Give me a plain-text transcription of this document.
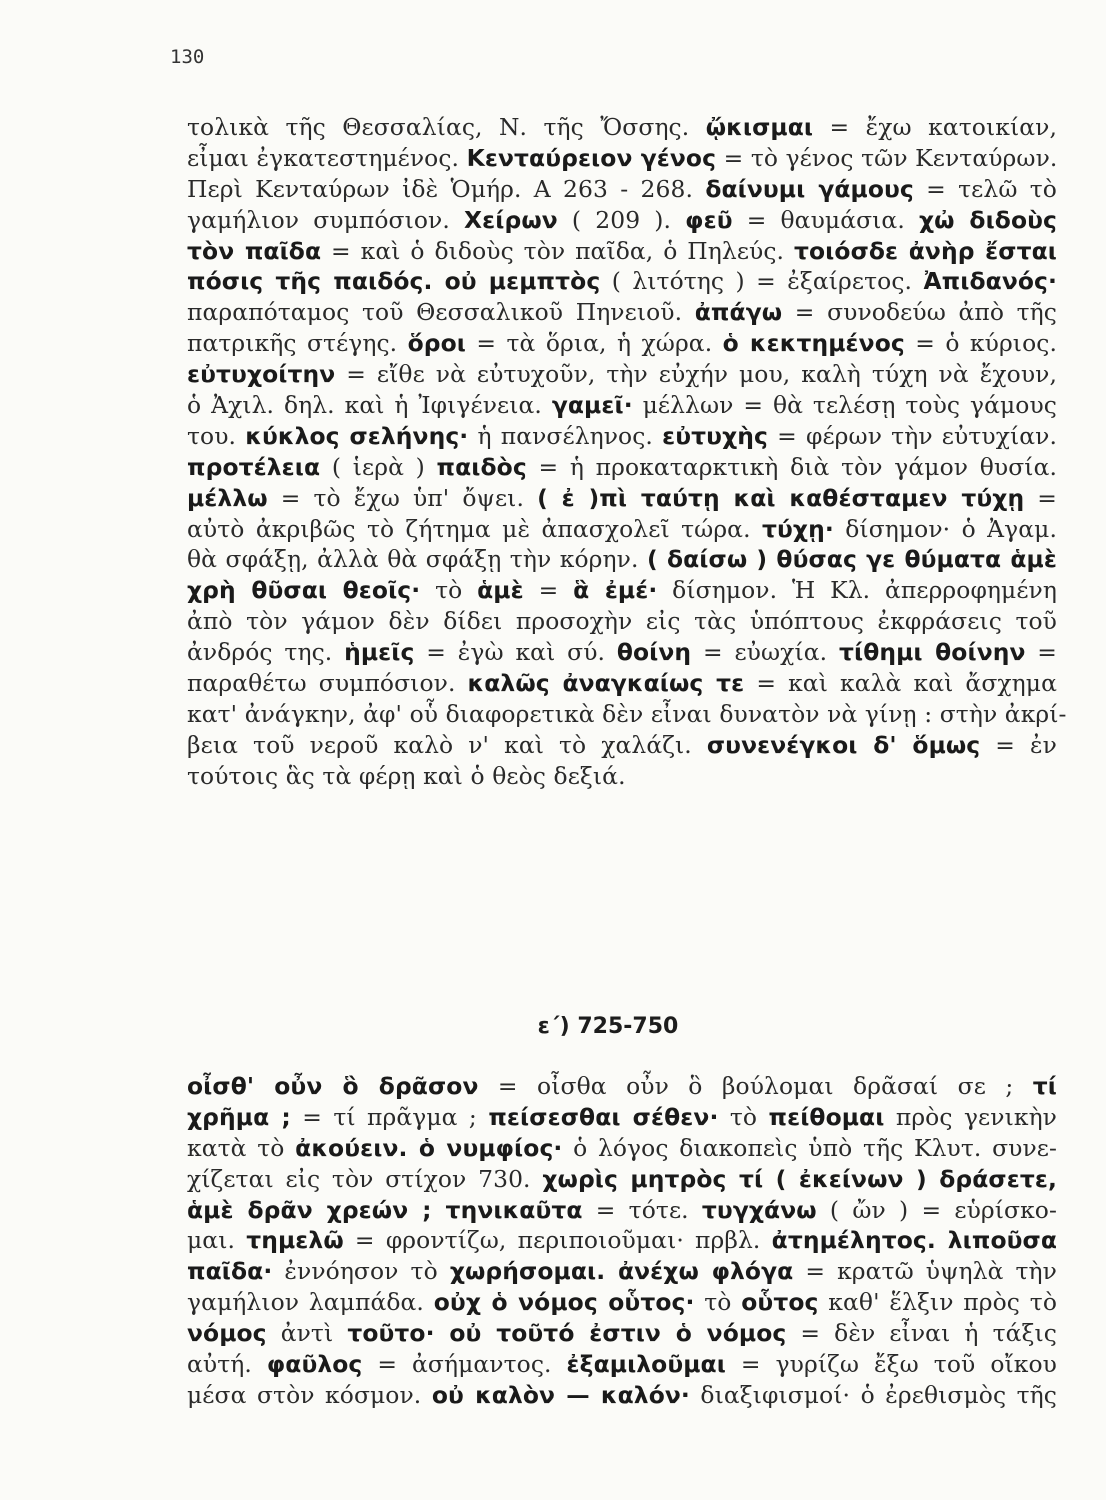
130
τολικὰ τῆς Θεσσαλίας, Ν. τῆς Ὄσσης. ᾤκισμαι = ἔχω κατοικίαν,
εἶμαι ἐγκατεστημένος. Κενταύρειον γένος = τὸ γένος τῶν Κενταύρων.
Περὶ Κενταύρων ἰδὲ Ὁμήρ. Α 263 - 268. δαίνυμι γάμους = τελῶ τὸ
γαμήλιον συμπόσιον. Χείρων ( 209 ). φεῦ = θαυμάσια. χὠ διδοὺς
τὸν παῖδα = καὶ ὁ διδοὺς τὸν παῖδα, ὁ Πηλεύς. τοιόσδε ἀνὴρ ἔσται
πόσις τῆς παιδός. οὐ μεμπτὸς ( λιτότης ) = ἐξαίρετος. Ἀπιδανός·
παραπόταμος τοῦ Θεσσαλικοῦ Πηνειοῦ. ἀπάγω = συνοδεύω ἀπὸ τῆς
πατρικῆς στέγης. ὅροι = τὰ ὅρια, ἡ χώρα. ὁ κεκτημένος = ὁ κύριος.
εὐτυχοίτην = εἴθε νὰ εὐτυχοῦν, τὴν εὐχήν μου, καλὴ τύχη νὰ ἔχουν,
ὁ Ἀχιλ. δηλ. καὶ ἡ Ἰφιγένεια. γαμεῖ· μέλλων = θὰ τελέσῃ τοὺς γάμους
του. κύκλος σελήνης· ἡ πανσέληνος. εὐτυχὴς = φέρων τὴν εὐτυχίαν.
προτέλεια ( ἱερὰ ) παιδὸς = ἡ προκαταρκτικὴ διὰ τὸν γάμον θυσία.
μέλλω = τὸ ἔχω ὑπ' ὄψει. ( ἐ )πὶ ταύτῃ καὶ καθέσταμεν τύχῃ =
αὐτὸ ἀκριβῶς τὸ ζήτημα μὲ ἀπασχολεῖ τώρα. τύχῃ· δίσημον· ὁ Ἀγαμ.
θὰ σφάξῃ, ἀλλὰ θὰ σφάξῃ τὴν κόρην. ( δαίσω ) θύσας γε θύματα ἁμὲ
χρὴ θῦσαι θεοῖς· τὸ ἁμὲ = ἃ ἐμέ· δίσημον. Ἡ Κλ. ἀπερροφημένη
ἀπὸ τὸν γάμον δὲν δίδει προσοχὴν εἰς τὰς ὑπόπτους ἐκφράσεις τοῦ
ἀνδρός της. ἡμεῖς = ἐγὼ καὶ σύ. θοίνη = εὐωχία. τίθημι θοίνην =
παραθέτω συμπόσιον. καλῶς ἀναγκαίως τε = καὶ καλὰ καὶ ἄσχημα
κατ' ἀνάγκην, ἀφ' οὗ διαφορετικὰ δὲν εἶναι δυνατὸν νὰ γίνῃ : στὴν ἀκρί-
βεια τοῦ νεροῦ καλὸ ν' καὶ τὸ χαλάζι. συνενέγκοι δ' ὅμως = ἐν
τούτοις ἃς τὰ φέρῃ καὶ ὁ θεὸς δεξιά.
ε΄) 725-750
οἶσθ' οὖν ὃ δρᾶσον = οἶσθα οὖν ὃ βούλομαι δρᾶσαί σε ; τί
χρῆμα ; = τί πρᾶγμα ; πείσεσθαι σέθεν· τὸ πείθομαι πρὸς γενικὴν
κατὰ τὸ ἀκούειν. ὁ νυμφίος· ὁ λόγος διακοπεὶς ὑπὸ τῆς Κλυτ. συνε-
χίζεται εἰς τὸν στίχον 730. χωρὶς μητρὸς τί ( ἐκείνων ) δράσετε,
ἁμὲ δρᾶν χρεών ; τηνικαῦτα = τότε. τυγχάνω ( ὤν ) = εὑρίσκο-
μαι. τημελῶ = φροντίζω, περιποιοῦμαι· πρβλ. ἀτημέλητος. λιποῦσα
παῖδα· ἐννόησον τὸ χωρήσομαι. ἀνέχω φλόγα = κρατῶ ὑψηλὰ τὴν
γαμήλιον λαμπάδα. οὐχ ὁ νόμος οὗτος· τὸ οὗτος καθ' ἕλξιν πρὸς τὸ
νόμος ἀντὶ τοῦτο· οὐ τοῦτό ἐστιν ὁ νόμος = δὲν εἶναι ἡ τάξις
αὐτή. φαῦλος = ἀσήμαντος. ἐξαμιλοῦμαι = γυρίζω ἔξω τοῦ οἴκου
μέσα στὸν κόσμον. οὐ καλὸν — καλόν· διαξιφισμοί· ὁ ἐρεθισμὸς τῆς
